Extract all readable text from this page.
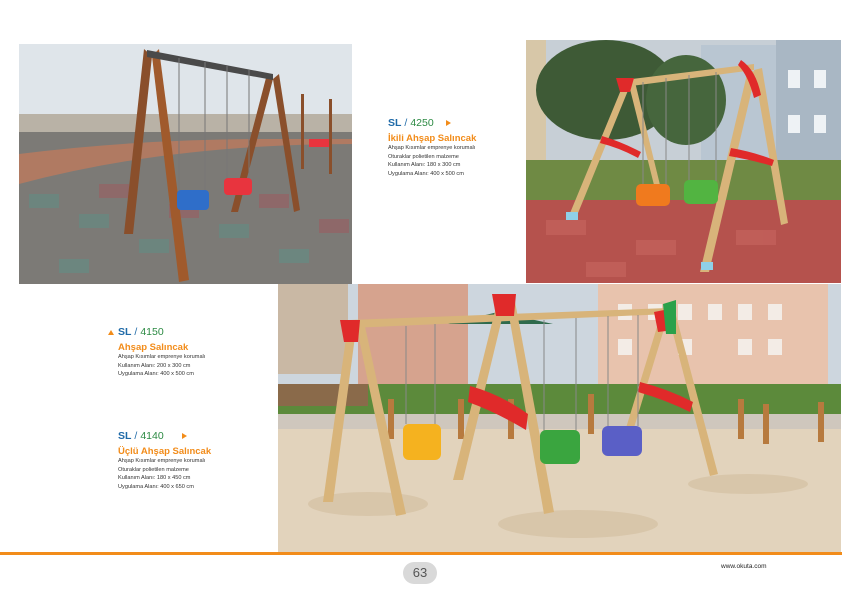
SL / 4250
İkili Ahşap Salıncak
Ahşap Kısımlar emprenye korumalı
Oturaklar polietilen malzeme
Kullanım Alanı: 180 x 300 cm
Uygulama Alanı: 400 x 500 cm
SL / 4150
Ahşap Salıncak
Ahşap Kısımlar emprenye korumalı
Kullanım Alanı: 200 x 300 cm
Uygulama Alanı: 400 x 500 cm
SL / 4140
Üçlü Ahşap Salıncak
Ahşap Kısımlar emprenye korumalı
Oturaklar polietilen malzeme
Kullanım Alanı: 180 x 450 cm
Uygulama Alanı: 400 x 650 cm
63	www.okuta.com
